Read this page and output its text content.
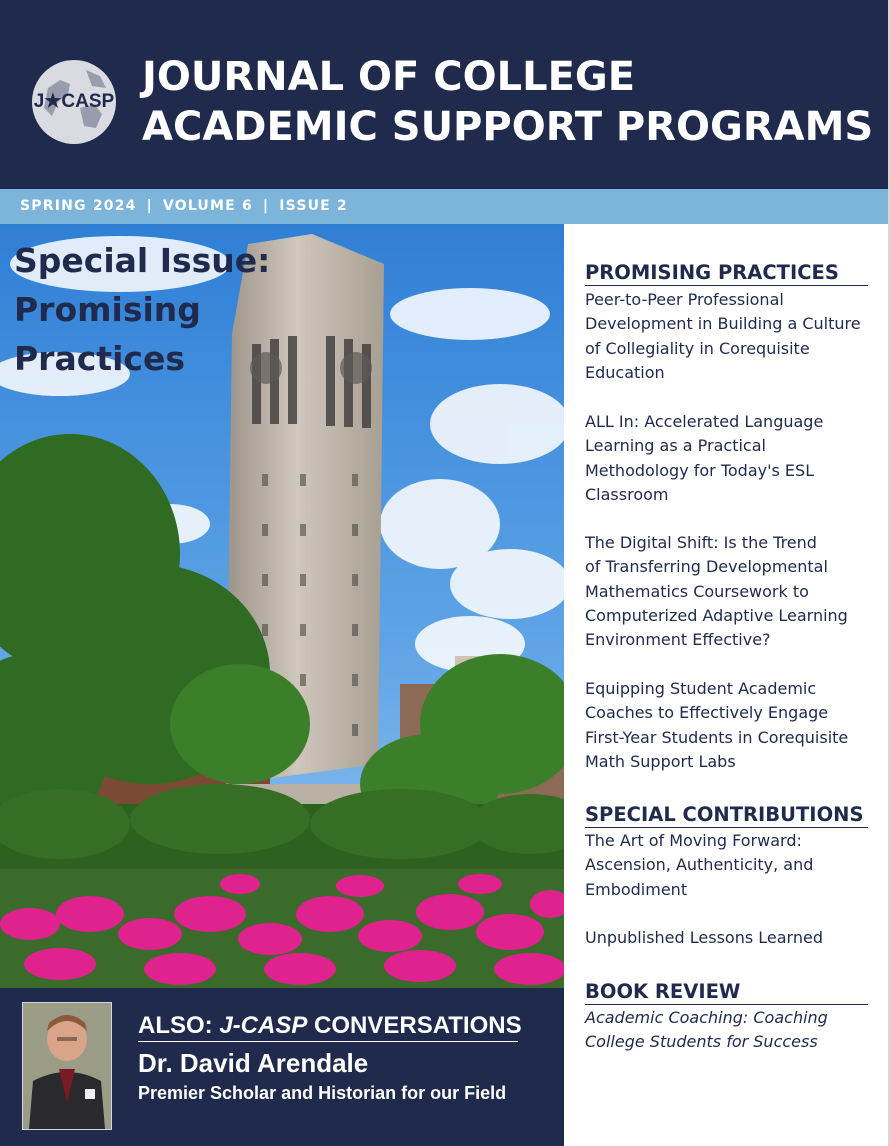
J★CASP
JOURNAL OF COLLEGE
ACADEMIC SUPPORT PROGRAMS
SPRING 2024 | VOLUME 6 | ISSUE 2
Special Issue:
Promising
Practices
ALSO: J-CASP CONVERSATIONS
Dr. David Arendale
Premier Scholar and Historian for our Field
PROMISING PRACTICES
Peer-to-Peer Professional
Development in Building a Culture
of Collegiality in Corequisite
Education
ALL In: Accelerated Language
Learning as a Practical
Methodology for Today's ESL
Classroom
The Digital Shift: Is the Trend
of Transferring Developmental
Mathematics Coursework to
Computerized Adaptive Learning
Environment Effective?
Equipping Student Academic
Coaches to Effectively Engage
First-Year Students in Corequisite
Math Support Labs
SPECIAL CONTRIBUTIONS
The Art of Moving Forward:
Ascension, Authenticity, and
Embodiment
Unpublished Lessons Learned
BOOK REVIEW
Academic Coaching: Coaching
College Students for Success
